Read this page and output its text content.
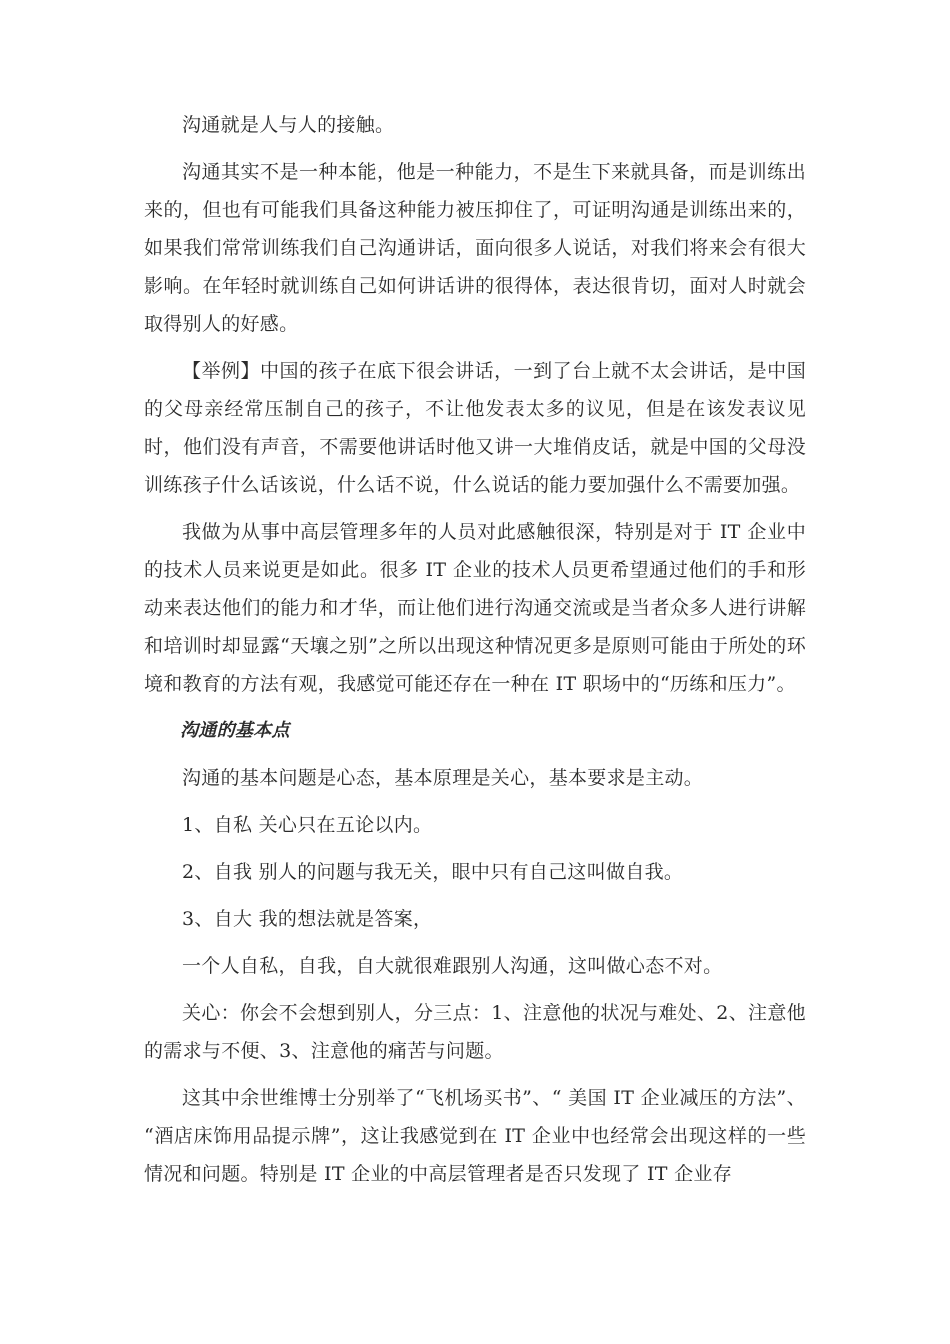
沟通就是人与人的接触。

沟通其实不是一种本能，他是一种能力，不是生下来就具备，而是训练出来的，但也有可能我们具备这种能力被压抑住了，可证明沟通是训练出来的，如果我们常常训练我们自己沟通讲话，面向很多人说话，对我们将来会有很大影响。在年轻时就训练自己如何讲话讲的很得体，表达很肯切，面对人时就会取得别人的好感。

【举例】中国的孩子在底下很会讲话，一到了台上就不太会讲话，是中国的父母亲经常压制自己的孩子，不让他发表太多的议见，但是在该发表议见时，他们没有声音，不需要他讲话时他又讲一大堆俏皮话，就是中国的父母没训练孩子什么话该说，什么话不说，什么说话的能力要加强什么不需要加强。

我做为从事中高层管理多年的人员对此感触很深，特别是对于 IT 企业中的技术人员来说更是如此。很多 IT 企业的技术人员更希望通过他们的手和形动来表达他们的能力和才华，而让他们进行沟通交流或是当者众多人进行讲解和培训时却显露“天壤之别”之所以出现这种情况更多是原则可能由于所处的环境和教育的方法有观，我感觉可能还存在一种在 IT 职场中的“历练和压力”。

沟通的基本点

沟通的基本问题是心态，基本原理是关心，基本要求是主动。

1、自私 关心只在五论以内。

2、自我 别人的问题与我无关，眼中只有自己这叫做自我。

3、自大 我的想法就是答案，

一个人自私，自我，自大就很难跟别人沟通，这叫做心态不对。

关心：你会不会想到别人，分三点：1、注意他的状况与难处、2、注意他的需求与不便、3、注意他的痛苦与问题。

这其中余世维博士分别举了“飞机场买书”、“ 美国 IT 企业减压的方法”、 “酒店床饰用品提示牌”，这让我感觉到在 IT 企业中也经常会出现这样的一些情况和问题。特别是 IT 企业的中高层管理者是否只发现了 IT 企业存
